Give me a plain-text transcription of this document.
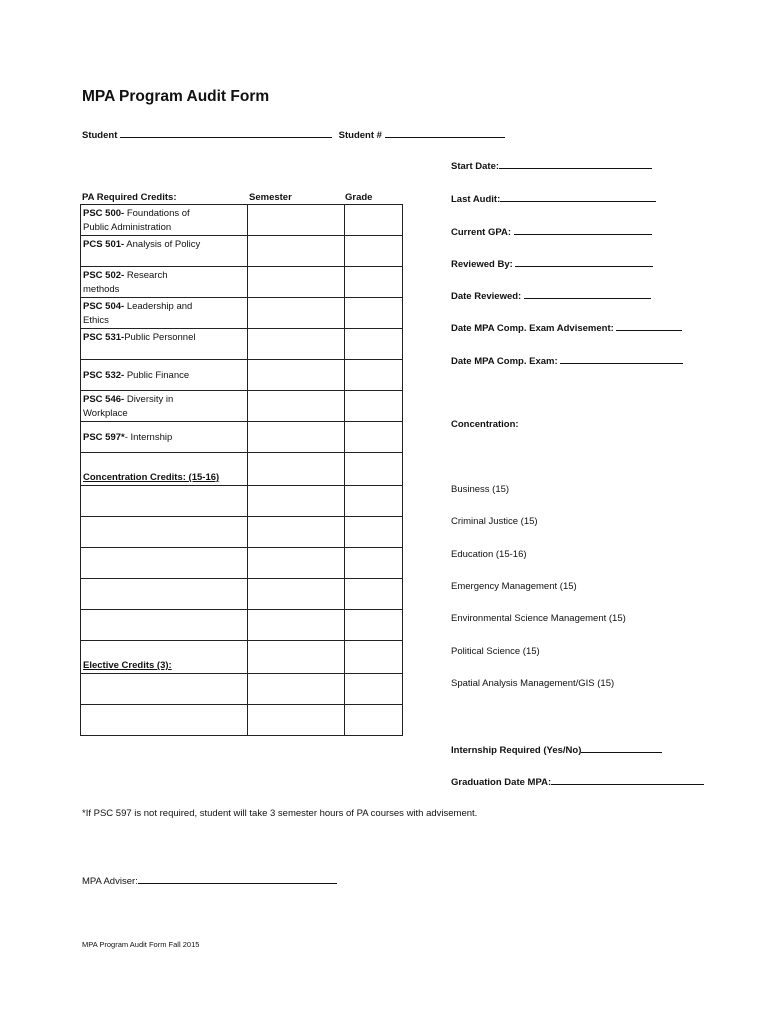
MPA Program Audit Form
Student	Student #
PA Required Credits:	Semester	Grade
PSC 500- Foundations of
Public Administration		

PCS 501- Analysis of Policy		

PSC 502- Research
methods		

PSC 504- Leadership and
Ethics		

PSC 531-Public Personnel		

PSC 532- Public Finance		

PSC 546- Diversity in
Workplace		

PSC 597*- Internship		

Concentration Credits: (15-16)		

Elective Credits (3):		

Start Date:
Last Audit:
Current GPA:
Reviewed By:
Date Reviewed:
Date MPA Comp. Exam Advisement:
Date MPA Comp. Exam:
Concentration:
Business (15)
Criminal Justice (15)
Education (15-16)
Emergency Management (15)
Environmental Science Management (15)
Political Science (15)
Spatial Analysis Management/GIS (15)
Internship Required (Yes/No)
Graduation Date MPA:
*If PSC 597 is not required, student will take 3 semester hours of PA courses with advisement.
MPA Adviser:
MPA Program Audit Form Fall 2015
